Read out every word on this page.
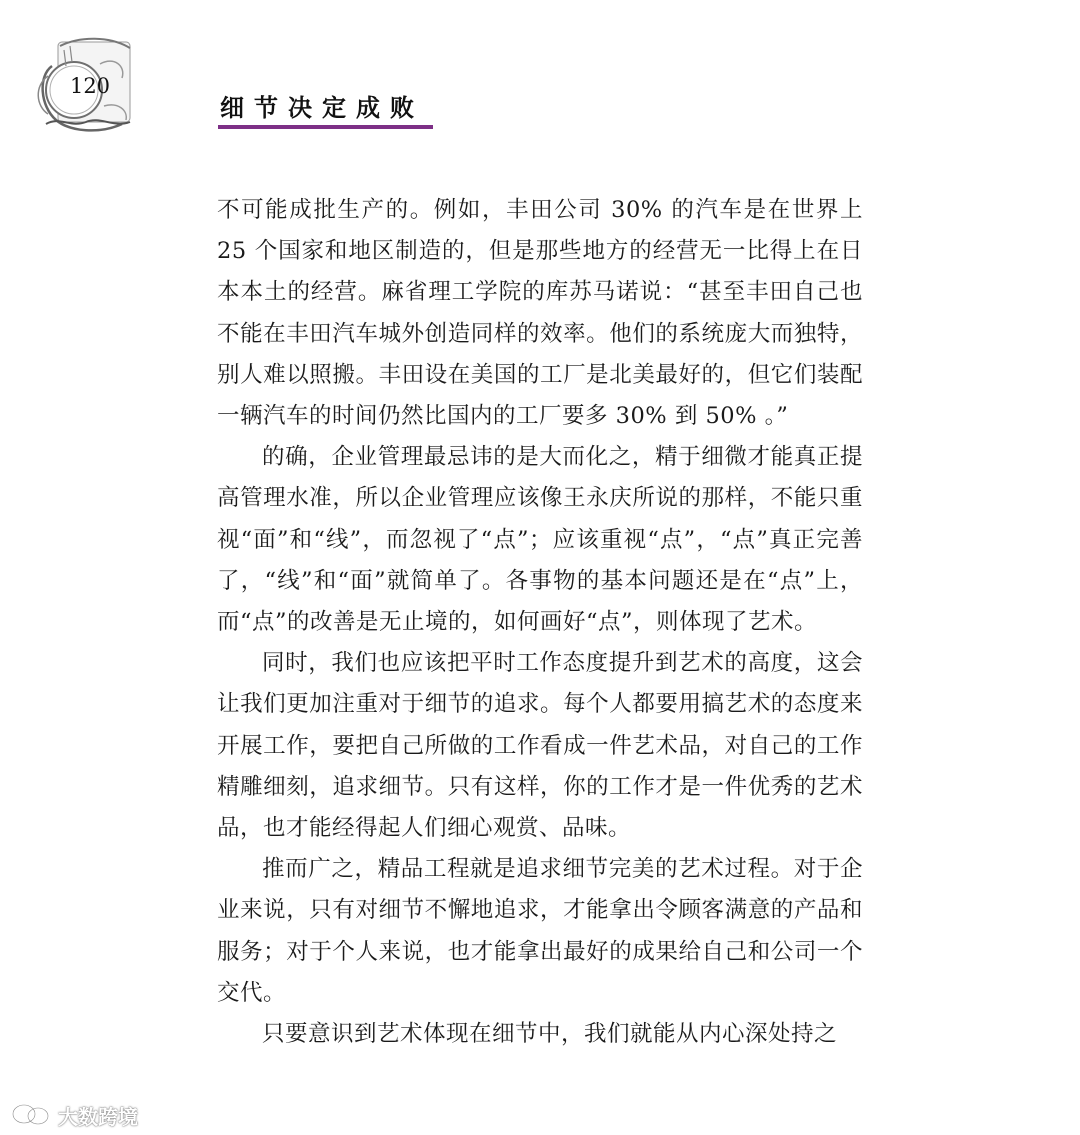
120
细节决定成败

不可能成批生产的。例如，丰田公司 30% 的汽车是在世界上 25 个国家和地区制造的，但是那些地方的经营无一比得上在日本本土的经营。麻省理工学院的库苏马诺说：“甚至丰田自己也不能在丰田汽车城外创造同样的效率。他们的系统庞大而独特，别人难以照搬。丰田设在美国的工厂是北美最好的，但它们装配一辆汽车的时间仍然比国内的工厂要多 30% 到 50% 。”

的确，企业管理最忌讳的是大而化之，精于细微才能真正提高管理水准，所以企业管理应该像王永庆所说的那样，不能只重视“面”和“线”，而忽视了“点”；应该重视“点”，“点”真正完善了，“线”和“面”就简单了。各事物的基本问题还是在“点”上，而“点”的改善是无止境的，如何画好“点”，则体现了艺术。

同时，我们也应该把平时工作态度提升到艺术的高度，这会让我们更加注重对于细节的追求。每个人都要用搞艺术的态度来开展工作，要把自己所做的工作看成一件艺术品，对自己的工作精雕细刻，追求细节。只有这样，你的工作才是一件优秀的艺术品，也才能经得起人们细心观赏、品味。

推而广之，精品工程就是追求细节完美的艺术过程。对于企业来说，只有对细节不懈地追求，才能拿出令顾客满意的产品和服务；对于个人来说，也才能拿出最好的成果给自己和公司一个交代。

只要意识到艺术体现在细节中，我们就能从内心深处持之

大数跨境
